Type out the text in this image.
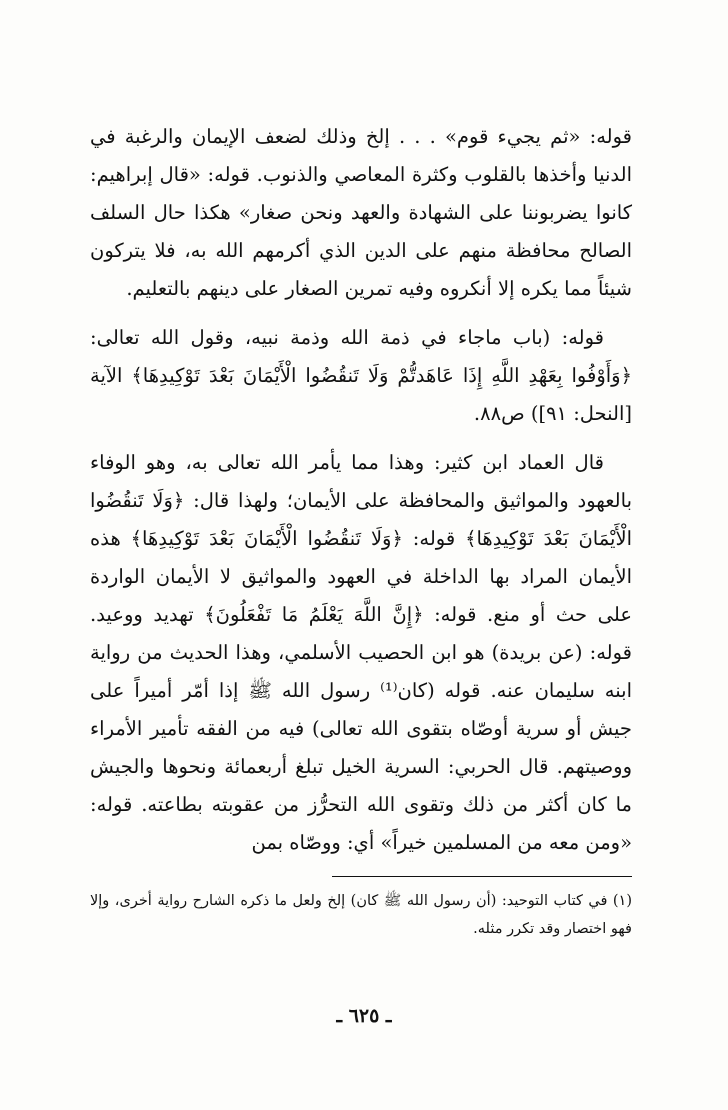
قوله: «ثم يجيء قوم» . . . إلخ وذلك لضعف الإيمان والرغبة في الدنيا وأخذها بالقلوب وكثرة المعاصي والذنوب. قوله: «قال إبراهيم: كانوا يضربوننا على الشهادة والعهد ونحن صغار» هكذا حال السلف الصالح محافظة منهم على الدين الذي أكرمهم الله به، فلا يتركون شيئاً مما يكره إلا أنكروه وفيه تمرين الصغار على دينهم بالتعليم.

قوله: (باب ماجاء في ذمة الله وذمة نبيه، وقول الله تعالى: ﴿وَأَوْفُوا بِعَهْدِ اللَّهِ إِذَا عَاهَدتُّمْ وَلَا تَنقُضُوا الْأَيْمَانَ بَعْدَ تَوْكِيدِهَا﴾ الآية [النحل: ٩١]) ص٨٨.

قال العماد ابن كثير: وهذا مما يأمر الله تعالى به، وهو الوفاء بالعهود والمواثيق والمحافظة على الأيمان؛ ولهذا قال: ﴿وَلَا تَنقُضُوا الْأَيْمَانَ بَعْدَ تَوْكِيدِهَا﴾ قوله: ﴿وَلَا تَنقُضُوا الْأَيْمَانَ بَعْدَ تَوْكِيدِهَا﴾ هذه الأيمان المراد بها الداخلة في العهود والمواثيق لا الأيمان الواردة على حث أو منع. قوله: ﴿إِنَّ اللَّهَ يَعْلَمُ مَا تَفْعَلُونَ﴾ تهديد ووعيد. قوله: (عن بريدة) هو ابن الحصيب الأسلمي، وهذا الحديث من رواية ابنه سليمان عنه. قوله (كان⁽¹⁾ رسول الله ﷺ إذا أمّر أميراً على جيش أو سرية أوصّاه بتقوى الله تعالى) فيه من الفقه تأمير الأمراء ووصيتهم. قال الحربي: السرية الخيل تبلغ أربعمائة ونحوها والجيش ما كان أكثر من ذلك وتقوى الله التحرُّز من عقوبته بطاعته. قوله: «ومن معه من المسلمين خيراً» أي: ووصّاه بمن

(١) في كتاب التوحيد: (أن رسول الله ﷺ كان) إلخ ولعل ما ذكره الشارح رواية أخرى، وإلا فهو اختصار وقد تكرر مثله.

ـ ٦٢٥ ـ
